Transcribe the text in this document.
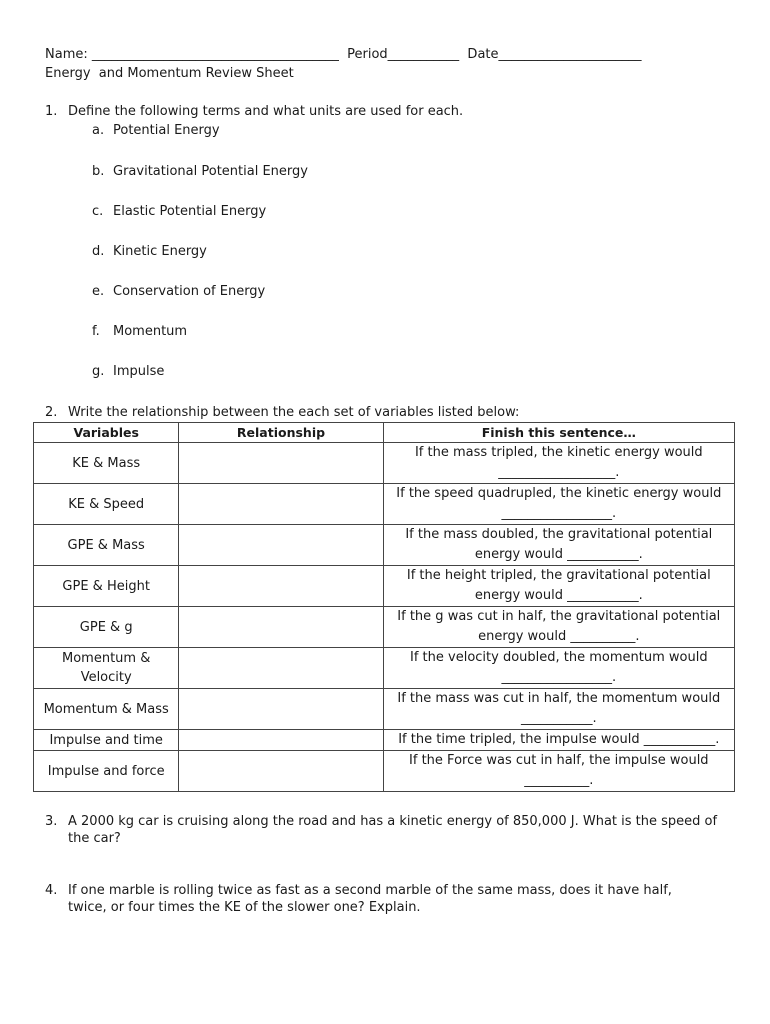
Name: ______________________________________  Period___________  Date______________________
Energy  and Momentum Review Sheet
1. Define the following terms and what units are used for each.
a. Potential Energy
b. Gravitational Potential Energy
c. Elastic Potential Energy
d. Kinetic Energy
e. Conservation of Energy
f. Momentum
g. Impulse
2. Write the relationship between the each set of variables listed below:
Variables	Relationship	Finish this sentence…
KE & Mass		If the mass tripled, the kinetic energy would __________________.
KE & Speed		If the speed quadrupled, the kinetic energy would _________________.
GPE & Mass		If the mass doubled, the gravitational potential energy would ___________.
GPE & Height		If the height tripled, the gravitational potential energy would ___________.
GPE & g		If the g was cut in half, the gravitational potential energy would __________.
Momentum & Velocity		If the velocity doubled, the momentum would _________________.
Momentum & Mass		If the mass was cut in half, the momentum would ___________.
Impulse and time		If the time tripled, the impulse would ___________.
Impulse and force		If the Force was cut in half, the impulse would __________.
3. A 2000 kg car is cruising along the road and has a kinetic energy of 850,000 J. What is the speed of the car?
4. If one marble is rolling twice as fast as a second marble of the same mass, does it have half, twice, or four times the KE of the slower one? Explain.
